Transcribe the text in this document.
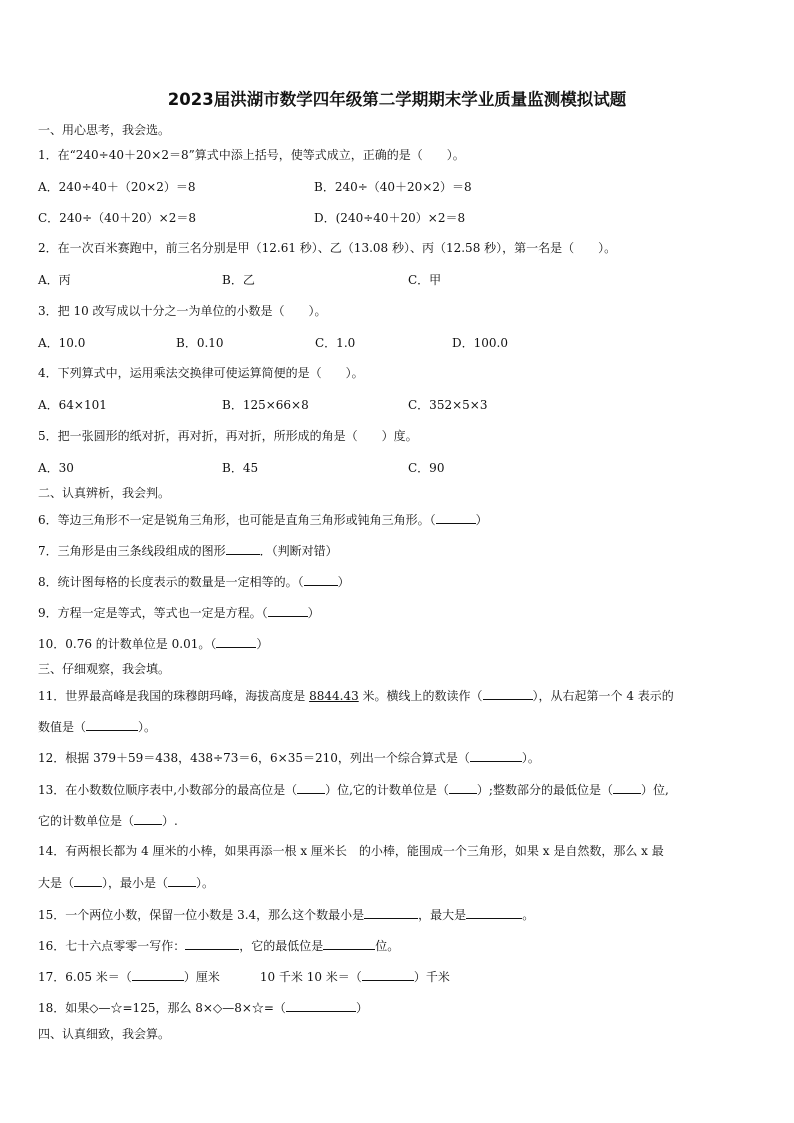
2023届洪湖市数学四年级第二学期期末学业质量监测模拟试题
一、用心思考，我会选。
1．在“240÷40＋20×2＝8”算式中添上括号，使等式成立，正确的是（　　）。
A．240÷40＋（20×2）＝8	B．240÷（40＋20×2）＝8
C．240÷（40＋20）×2＝8	D．(240÷40＋20）×2＝8
2．在一次百米赛跑中，前三名分别是甲（12.61 秒）、乙（13.08 秒）、丙（12.58 秒），第一名是（　　）。
A．丙	B．乙	C．甲
3．把 10 改写成以十分之一为单位的小数是（　　）。
A．10.0	B．0.10	C．1.0	D．100.0
4．下列算式中，运用乘法交换律可使运算简便的是（　　）。
A．64×101	B．125×66×8	C．352×5×3
5．把一张圆形的纸对折，再对折，再对折，所形成的角是（　　）度。
A．30	B．45	C．90
二、认真辨析，我会判。
6．等边三角形不一定是锐角三角形，也可能是直角三角形或钝角三角形。（	）
7．三角形是由三条线段组成的图形	．（判断对错）
8．统计图每格的长度表示的数量是一定相等的。（	）
9．方程一定是等式，等式也一定是方程。（	）
10．0.76 的计数单位是 0.01。（	）
三、仔细观察，我会填。
11．世界最高峰是我国的珠穆朗玛峰，海拔高度是 8844.43 米。横线上的数读作（	），从右起第一个 4 表示的
数值是（	）。
12．根据 379＋59＝438，438÷73＝6，6×35＝210，列出一个综合算式是（	）。
13．在小数数位顺序表中,小数部分的最高位是（ ）位,它的计数单位是（ ）;整数部分的最低位是（ ）位,
它的计数单位是（ ）.
14．有两根长都为 4 厘米的小棒，如果再添一根 x 厘米长　的小棒，能围成一个三角形，如果 x 是自然数，那么 x 最
大是（ ），最小是（ ）。
15．一个两位小数，保留一位小数是 3.4，那么这个数最小是	，最大是	。
16．七十六点零零一写作：	，它的最低位是	位。
17．6.05 米＝（	）厘米	10 千米 10 米＝（	）千米
18．如果◇—☆=125，那么 8×◇—8×☆=（	）
四、认真细致，我会算。
